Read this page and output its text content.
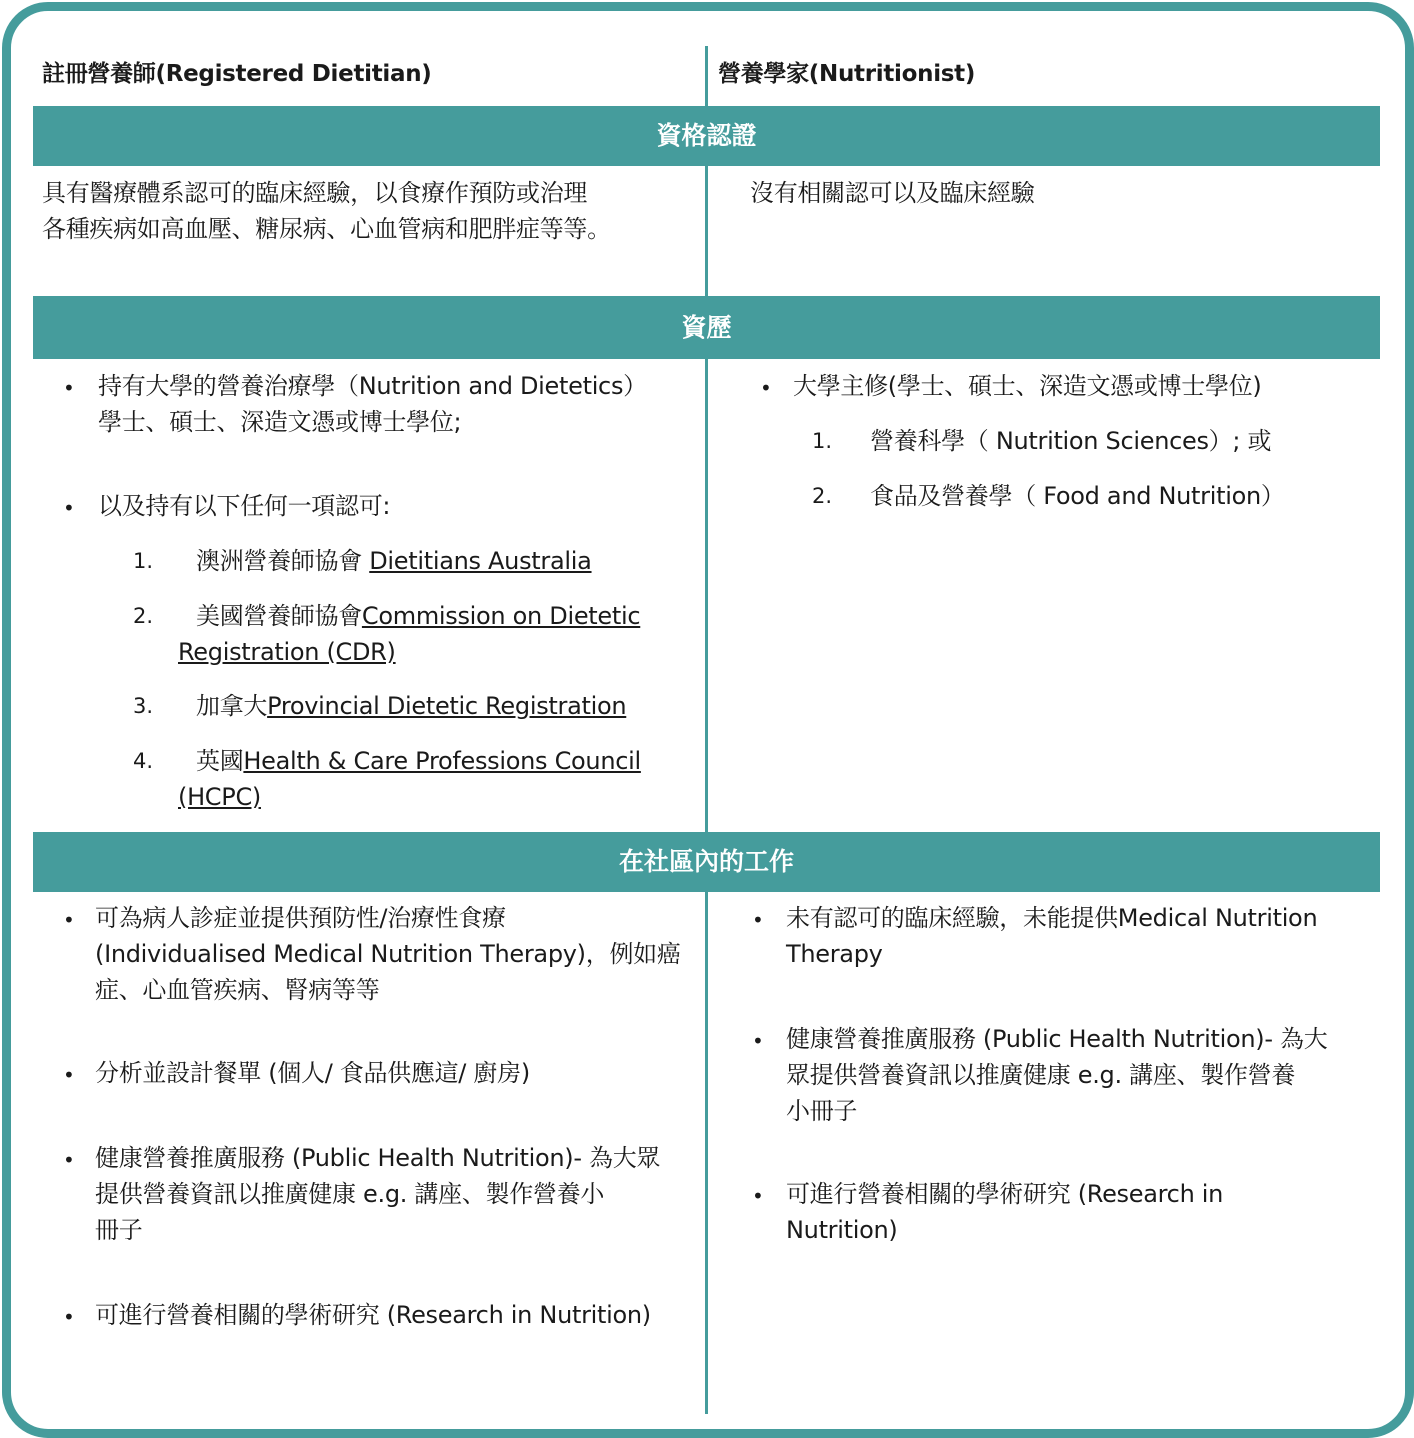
註冊營養師(Registered Dietitian)	營養學家(Nutritionist)
資格認證
具有醫療體系認可的臨床經驗，以食療作預防或治理
各種疾病如高血壓、糖尿病、心血管病和肥胖症等等。
沒有相關認可以及臨床經驗
資歷
• 持有大學的營養治療學（Nutrition and Dietetics）
學士、碩士、深造文憑或博士學位;
• 以及持有以下任何一項認可:
1. 澳洲營養師協會 Dietitians Australia
2. 美國營養師協會Commission on Dietetic
Registration (CDR)
3. 加拿大Provincial Dietetic Registration
4. 英國Health & Care Professions Council
(HCPC)
• 大學主修(學士、碩士、深造文憑或博士學位)
1. 營養科學（ Nutrition Sciences）; 或
2. 食品及營養學（ Food and Nutrition）
在社區內的工作
• 可為病人診症並提供預防性/治療性食療
(Individualised Medical Nutrition Therapy)，例如癌
症、心血管疾病、腎病等等
• 分析並設計餐單 (個人/ 食品供應這/ 廚房)
• 健康營養推廣服務 (Public Health Nutrition)- 為大眾
提供營養資訊以推廣健康 e.g. 講座、製作營養小
冊子
• 可進行營養相關的學術研究 (Research in Nutrition)
• 未有認可的臨床經驗，未能提供Medical Nutrition
Therapy
• 健康營養推廣服務 (Public Health Nutrition)- 為大
眾提供營養資訊以推廣健康 e.g. 講座、製作營養
小冊子
• 可進行營養相關的學術研究 (Research in
Nutrition)
